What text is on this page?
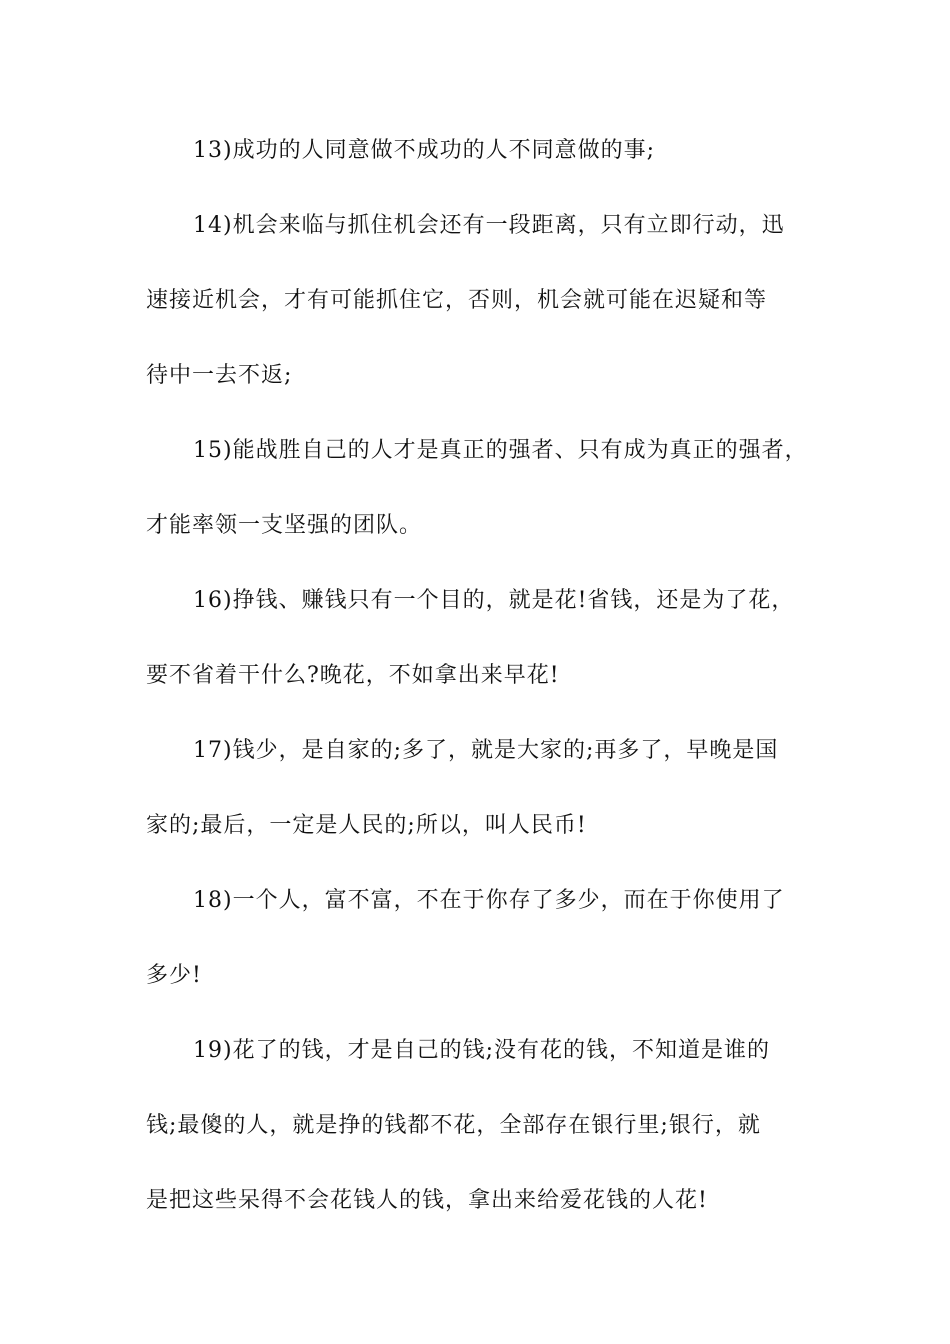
13)成功的人同意做不成功的人不同意做的事;
14)机会来临与抓住机会还有一段距离，只有立即行动，迅
速接近机会，才有可能抓住它，否则，机会就可能在迟疑和等
待中一去不返;
15)能战胜自己的人才是真正的强者、只有成为真正的强者，
才能率领一支坚强的团队。
16)挣钱、赚钱只有一个目的，就是花!省钱，还是为了花，
要不省着干什么?晚花，不如拿出来早花!
17)钱少，是自家的;多了，就是大家的;再多了，早晚是国
家的;最后，一定是人民的;所以，叫人民币!
18)一个人，富不富，不在于你存了多少，而在于你使用了
多少!
19)花了的钱，才是自己的钱;没有花的钱，不知道是谁的
钱;最傻的人，就是挣的钱都不花，全部存在银行里;银行，就
是把这些呆得不会花钱人的钱，拿出来给爱花钱的人花!
